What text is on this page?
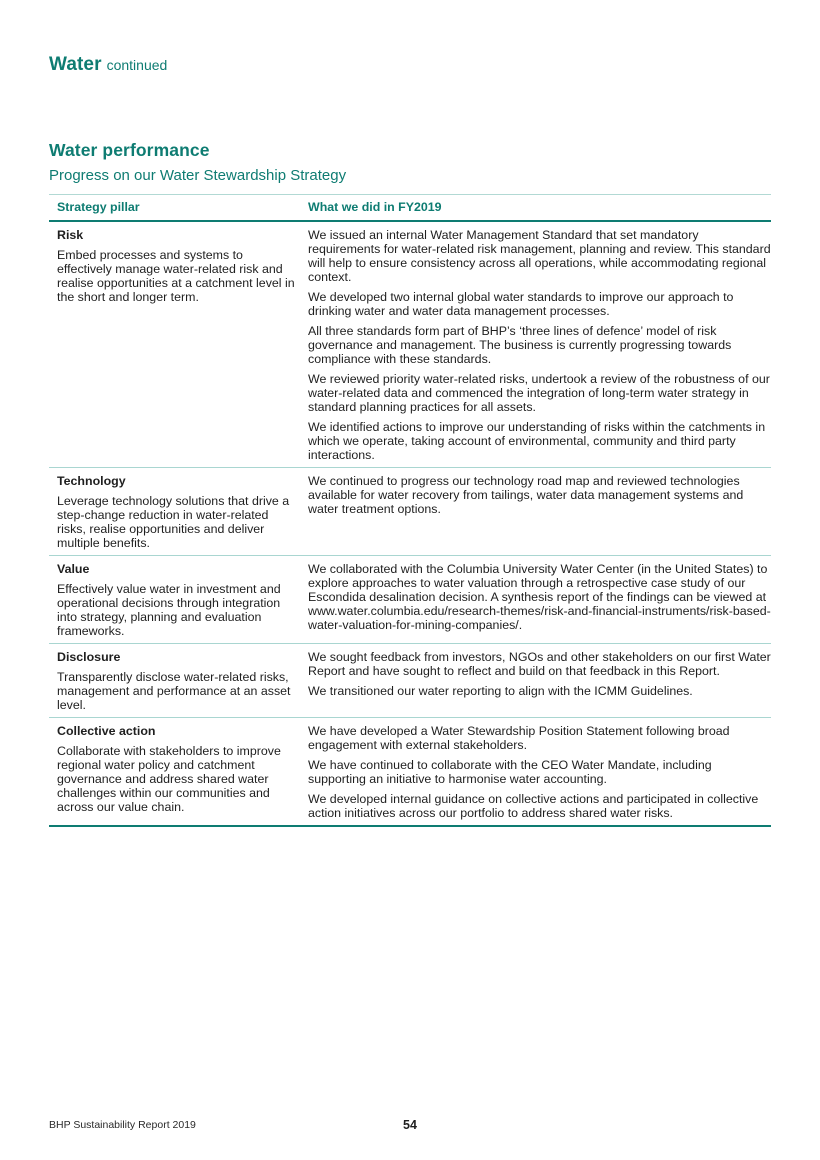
Water continued
Water performance
Progress on our Water Stewardship Strategy
Strategy pillar	What we did in FY2019
Risk
Embed processes and systems to effectively manage water-related risk and realise opportunities at a catchment level in the short and longer term.
We issued an internal Water Management Standard that set mandatory requirements for water-related risk management, planning and review. This standard will help to ensure consistency across all operations, while accommodating regional context.
We developed two internal global water standards to improve our approach to drinking water and water data management processes.
All three standards form part of BHP’s ‘three lines of defence’ model of risk governance and management. The business is currently progressing towards compliance with these standards.
We reviewed priority water-related risks, undertook a review of the robustness of our water-related data and commenced the integration of long-term water strategy in standard planning practices for all assets.
We identified actions to improve our understanding of risks within the catchments in which we operate, taking account of environmental, community and third party interactions.
Technology
Leverage technology solutions that drive a step-change reduction in water-related risks, realise opportunities and deliver multiple benefits.
We continued to progress our technology road map and reviewed technologies available for water recovery from tailings, water data management systems and water treatment options.
Value
Effectively value water in investment and operational decisions through integration into strategy, planning and evaluation frameworks.
We collaborated with the Columbia University Water Center (in the United States) to explore approaches to water valuation through a retrospective case study of our Escondida desalination decision. A synthesis report of the findings can be viewed at www.water.columbia.edu/research-themes/risk-and-financial-instruments/risk-based-water-valuation-for-mining-companies/.
Disclosure
Transparently disclose water-related risks, management and performance at an asset level.
We sought feedback from investors, NGOs and other stakeholders on our first Water Report and have sought to reflect and build on that feedback in this Report.
We transitioned our water reporting to align with the ICMM Guidelines.
Collective action
Collaborate with stakeholders to improve regional water policy and catchment governance and address shared water challenges within our communities and across our value chain.
We have developed a Water Stewardship Position Statement following broad engagement with external stakeholders.
We have continued to collaborate with the CEO Water Mandate, including supporting an initiative to harmonise water accounting.
We developed internal guidance on collective actions and participated in collective action initiatives across our portfolio to address shared water risks.
BHP Sustainability Report 2019	54
